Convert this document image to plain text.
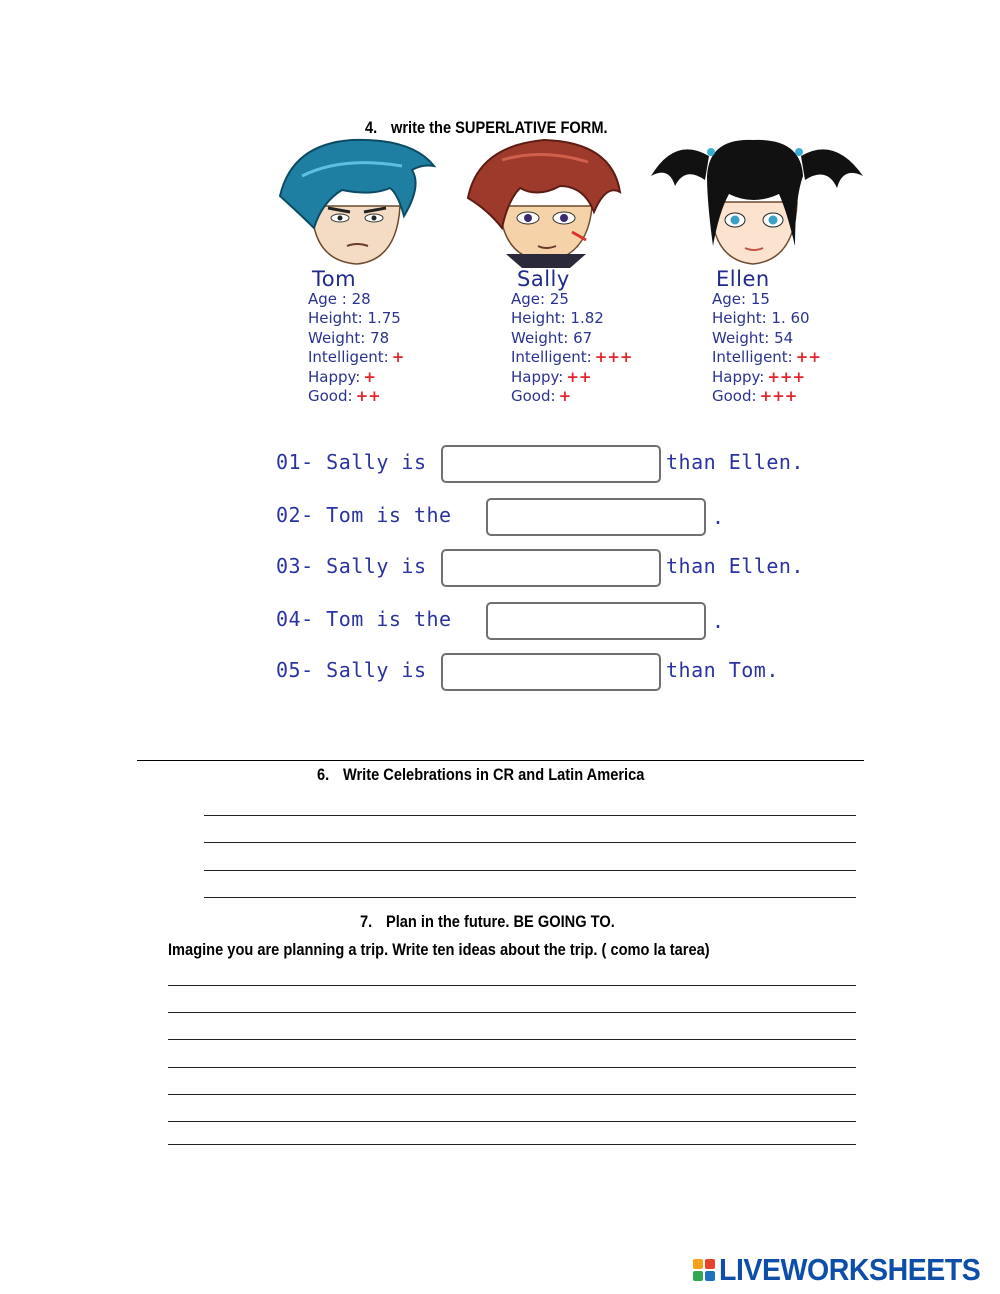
4. write the SUPERLATIVE FORM.
Tom
Age : 28
Height: 1.75
Weight: 78
Intelligent: +
Happy: +
Good: ++
Sally
Age: 25
Height: 1.82
Weight: 67
Intelligent: +++
Happy: ++
Good: +
Ellen
Age: 15
Height: 1. 60
Weight: 54
Intelligent: ++
Happy: +++
Good: +++
01- Sally is	than Ellen.
02- Tom is the	.
03- Sally is	than Ellen.
04- Tom is the	.
05- Sally is	than Tom.
6. Write Celebrations in CR and Latin America
7. Plan in the future. BE GOING TO.
Imagine you are planning a trip. Write ten ideas about the trip. ( como la tarea)
LIVEWORKSHEETS
